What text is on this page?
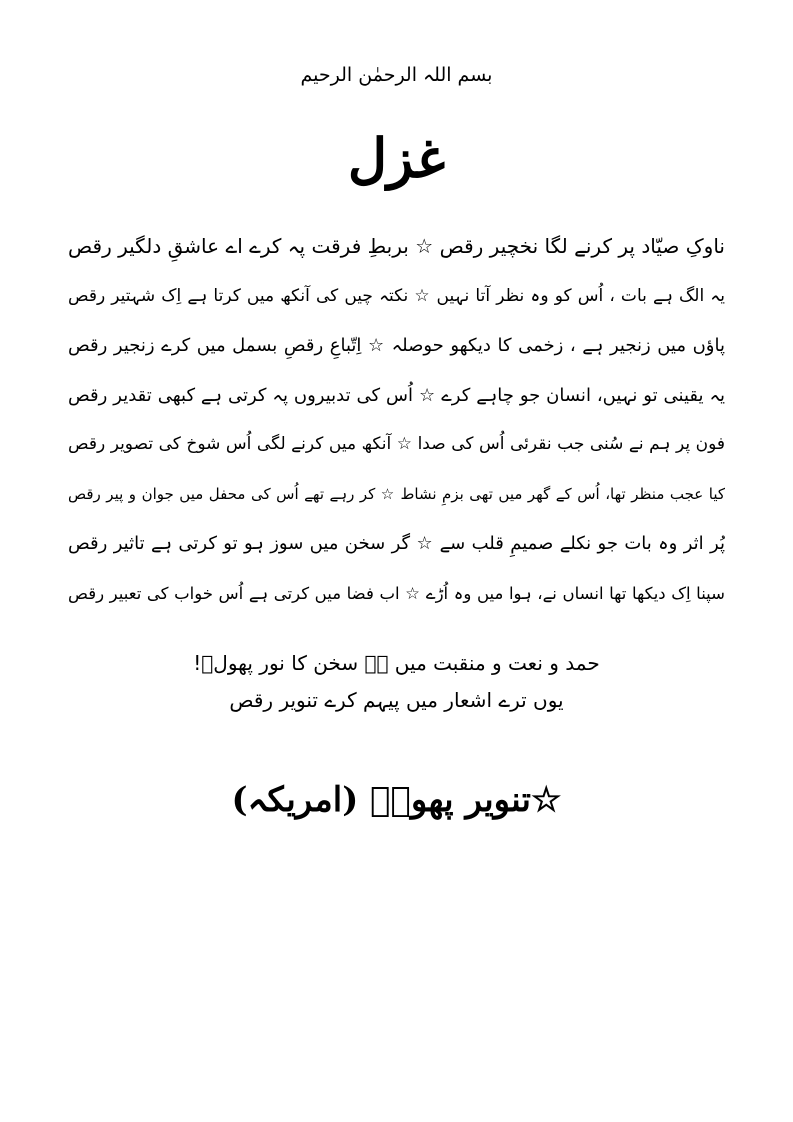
بسم اللہ الرحمٰن الرحیم
غزل
ناوکِ صیّاد پر کرنے لگا نخچیر رقص ☆ بربطِ فرقت پہ کرے اے عاشقِ دلگیر رقص
یہ الگ ہے بات ، اُس کو وہ نظر آتا نہیں ☆ نکتہ چیں کی آنکھ میں کرتا ہے اِک شہتیر رقص
پاؤں میں زنجیر ہے ، زخمی کا دیکھو حوصلہ ☆ اِتّباعِ رقصِ بسمل میں کرے زنجیر رقص
یہ یقینی تو نہیں، انسان جو چاہے کرے ☆ اُس کی تدبیروں پہ کرتی ہے کبھی تقدیر رقص
فون پر ہم نے سُنی جب نقرئی اُس کی صدا ☆ آنکھ میں کرنے لگی اُس شوخ کی تصویر رقص
کیا عجب منظر تھا، اُس کے گھر میں تھی بزمِ نشاط ☆ کر رہے تھے اُس کی محفل میں جوان و پیر رقص
پُر اثر وہ بات جو نکلے صمیمِ قلب سے ☆ گر سخن میں سوز ہو تو کرتی ہے تاثیر رقص
سپنا اِک دیکھا تھا انساں نے، ہوا میں وہ اُڑے ☆ اب فضا میں کرتی ہے اُس خواب کی تعبیر رقص
حمد و نعت و منقبت میں ہے سخن کا نور پھولؔ!
یوں ترے اشعار میں پیہم کرے تنویر رقص
☆تنویر پھولؔ (امریکہ)
